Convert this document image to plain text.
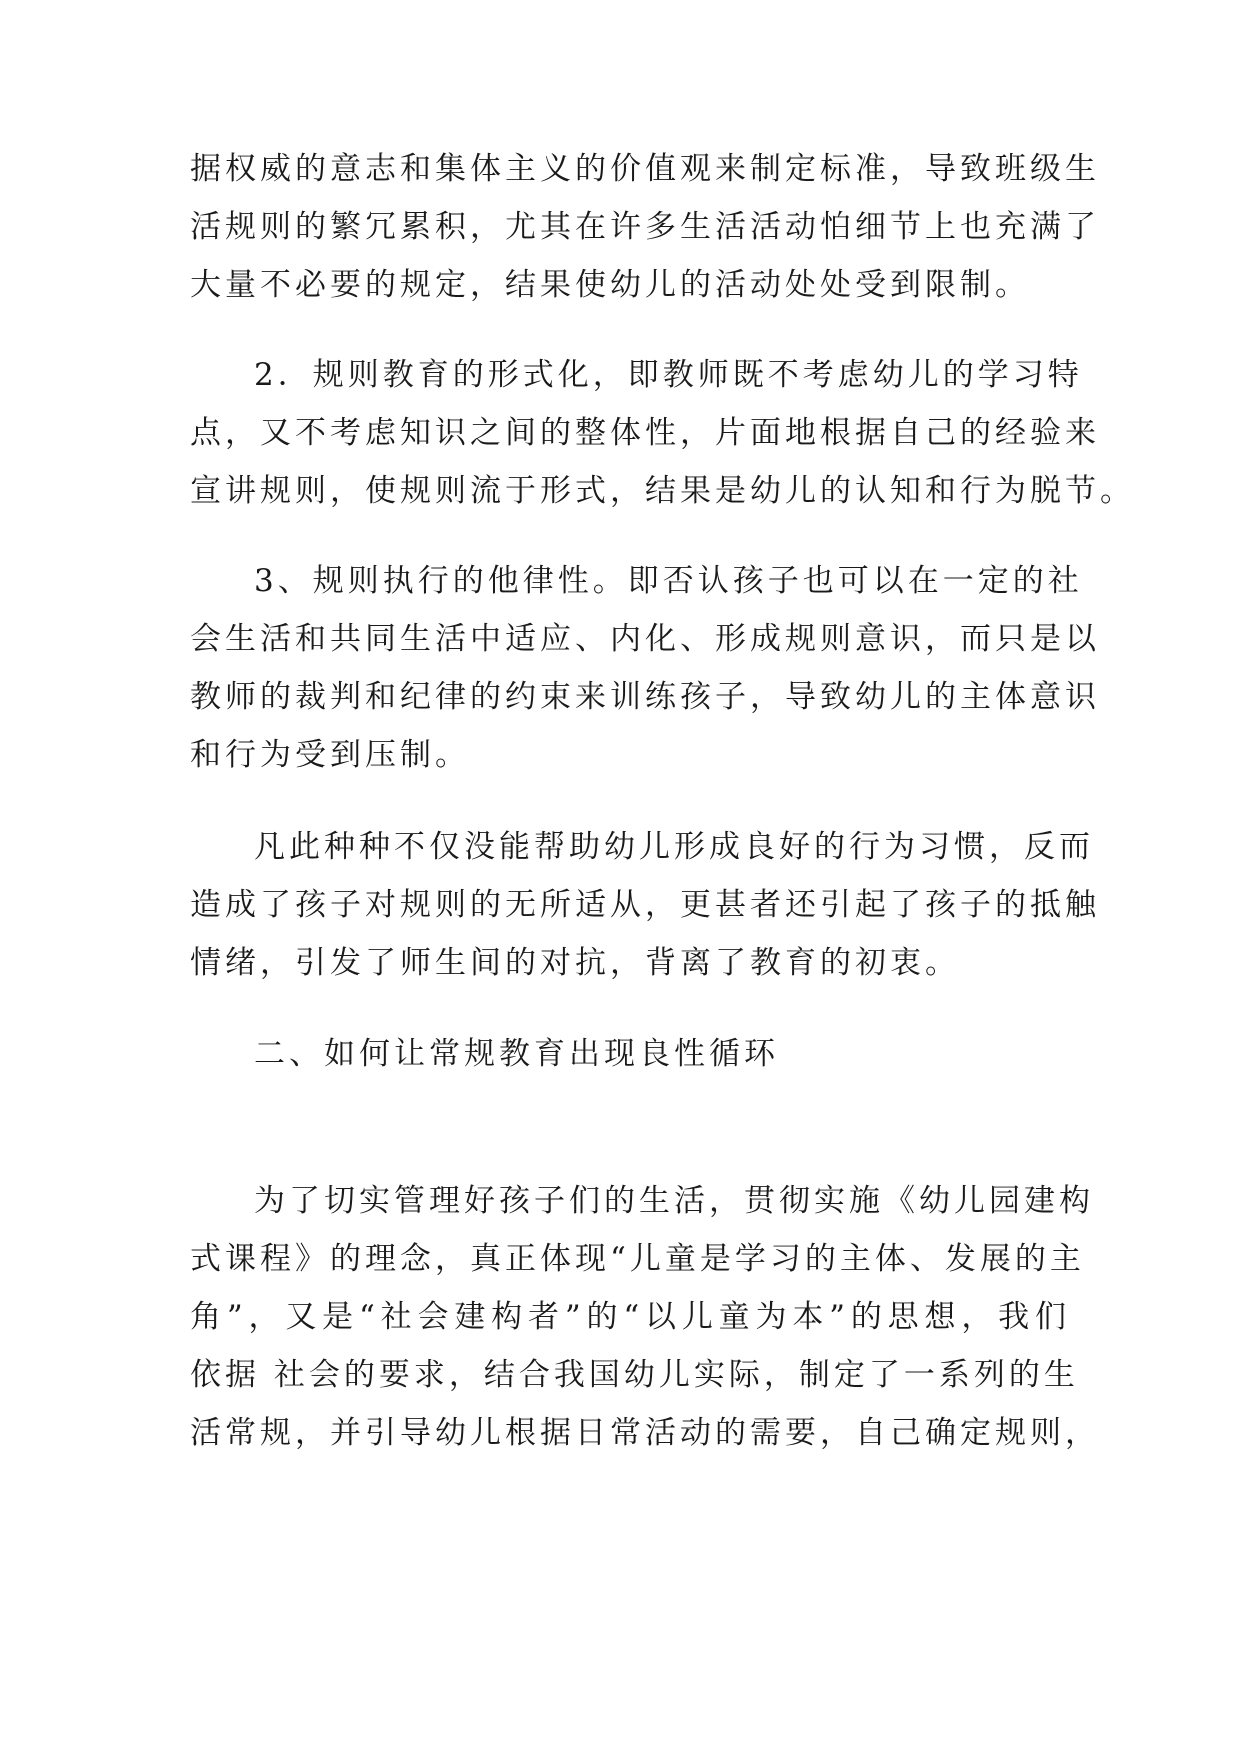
据权威的意志和集体主义的价值观来制定标准，导致班级生
活规则的繁冗累积，尤其在许多生活活动怕细节上也充满了
大量不必要的规定，结果使幼儿的活动处处受到限制。
2．规则教育的形式化，即教师既不考虑幼儿的学习特
点，又不考虑知识之间的整体性，片面地根据自己的经验来
宣讲规则，使规则流于形式，结果是幼儿的认知和行为脱节。
3、规则执行的他律性。即否认孩子也可以在一定的社
会生活和共同生活中适应、内化、形成规则意识，而只是以
教师的裁判和纪律的约束来训练孩子，导致幼儿的主体意识
和行为受到压制。
凡此种种不仅没能帮助幼儿形成良好的行为习惯，反而
造成了孩子对规则的无所适从，更甚者还引起了孩子的抵触
情绪，引发了师生间的对抗，背离了教育的初衷。
二、如何让常规教育出现良性循环
为了切实管理好孩子们的生活，贯彻实施《幼儿园建构
式课程》的理念，真正体现“儿童是学习的主体、发展的主
角”，又是“社会建构者”的“以儿童为本”的思想，我们
依据 社会的要求，结合我国幼儿实际，制定了一系列的生
活常规，并引导幼儿根据日常活动的需要，自己确定规则，
